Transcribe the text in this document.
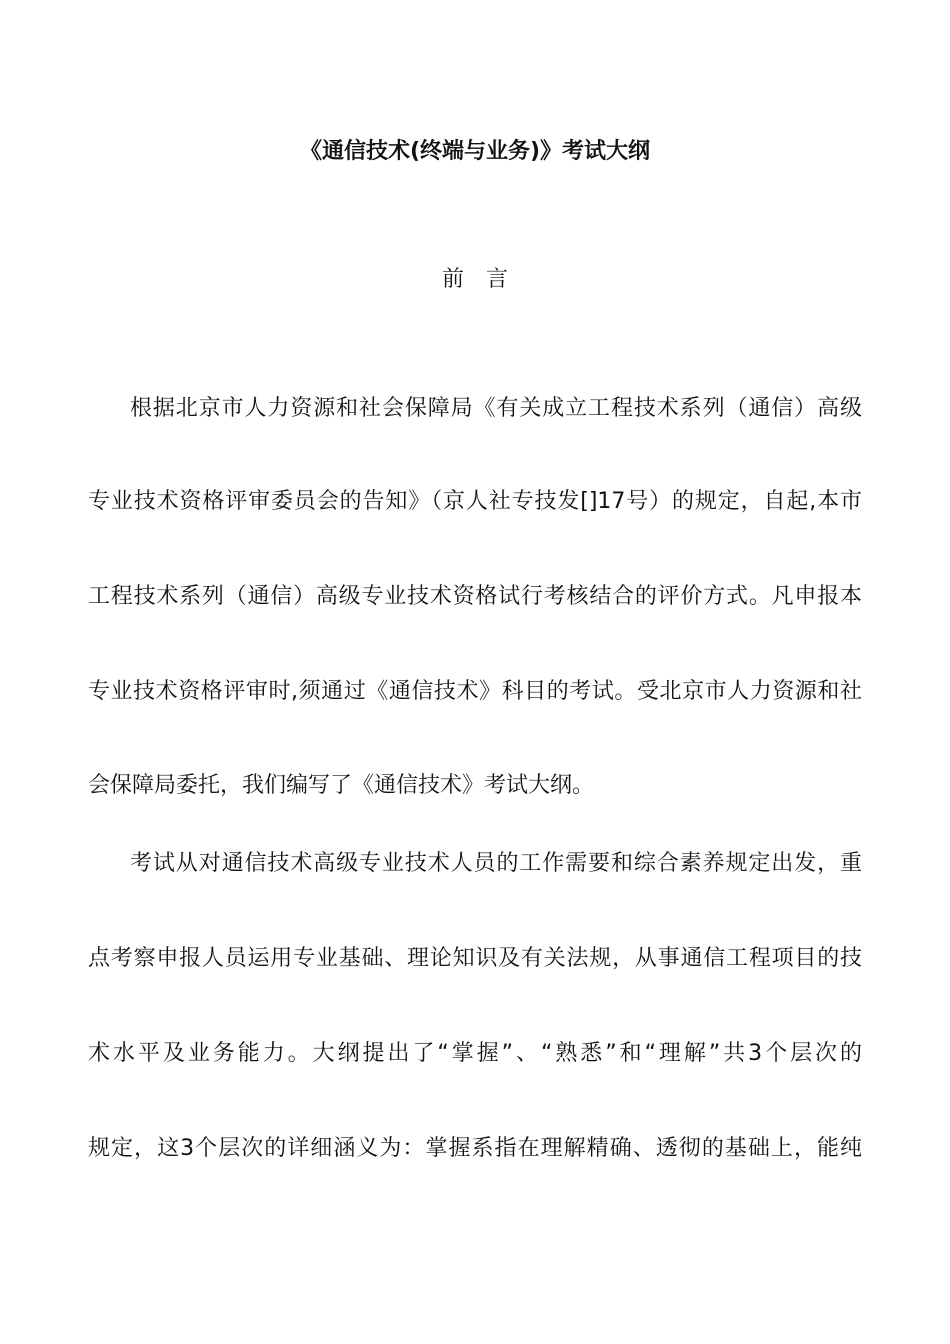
《通信技术(终端与业务)》考试大纲
前言
根据北京市人力资源和社会保障局《有关成立工程技术系列（通信）高级
专业技术资格评审委员会的告知》（京人社专技发[]17号）的规定，自起,本市
工程技术系列（通信）高级专业技术资格试行考核结合的评价方式。凡申报本
专业技术资格评审时,须通过《通信技术》科目的考试。受北京市人力资源和社
会保障局委托，我们编写了《通信技术》考试大纲。
考试从对通信技术高级专业技术人员的工作需要和综合素养规定出发，重
点考察申报人员运用专业基础、理论知识及有关法规，从事通信工程项目的技
术水平及业务能力。大纲提出了“掌握”、“熟悉”和“理解”共3个层次的
规定，这3个层次的详细涵义为：掌握系指在理解精确、透彻的基础上，能纯
